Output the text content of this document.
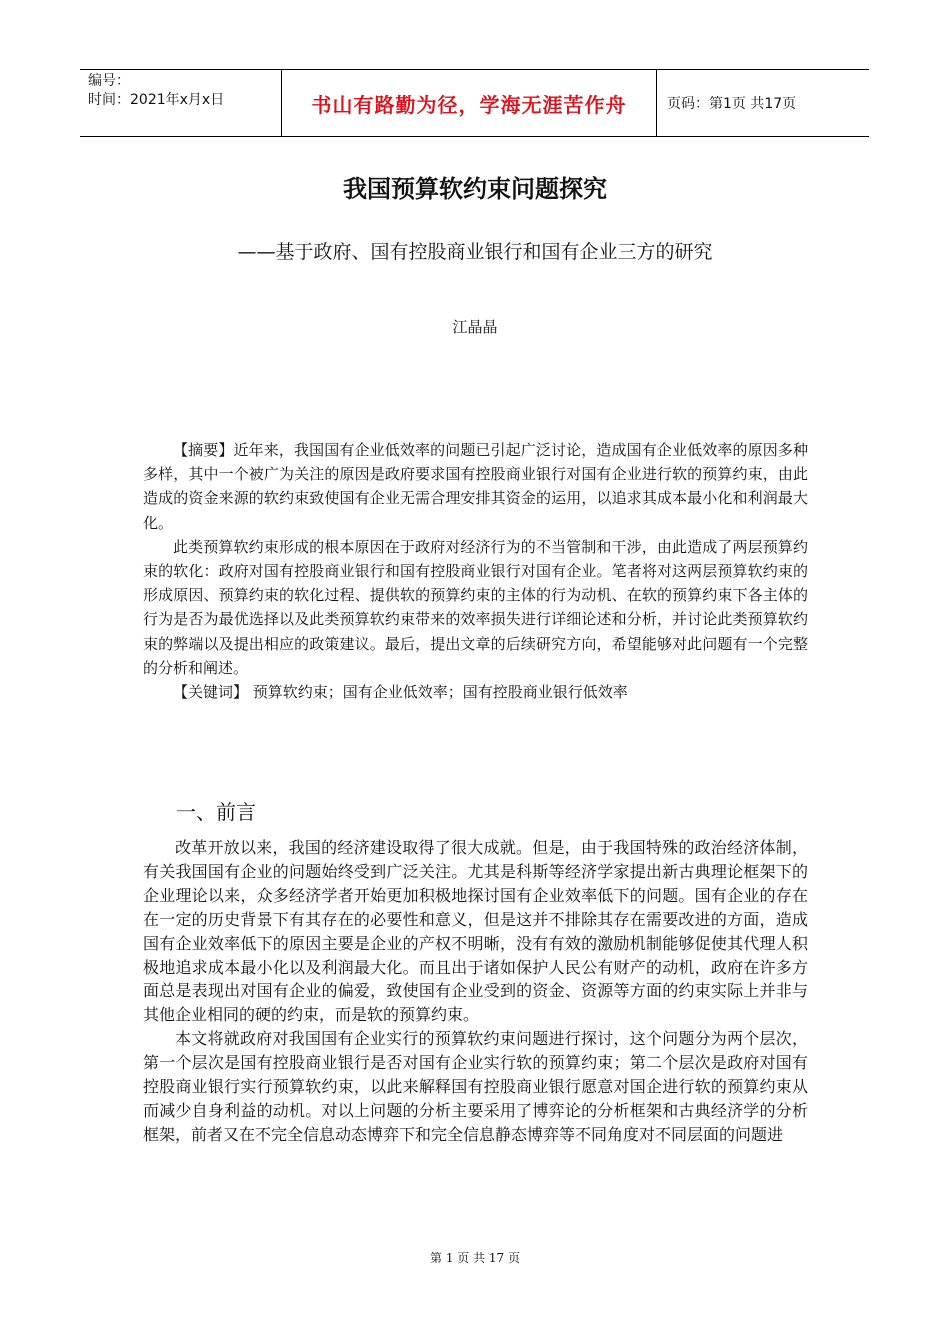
编号：
时间：2021年x月x日	书山有路勤为径，学海无涯苦作舟	页码：第1页 共17页
我国预算软约束问题探究
——基于政府、国有控股商业银行和国有企业三方的研究
江晶晶

【摘要】近年来，我国国有企业低效率的问题已引起广泛讨论，造成国有企业低效率的原因多种多样，其中一个被广为关注的原因是政府要求国有控股商业银行对国有企业进行软的预算约束，由此造成的资金来源的软约束致使国有企业无需合理安排其资金的运用，以追求其成本最小化和利润最大化。

此类预算软约束形成的根本原因在于政府对经济行为的不当管制和干涉，由此造成了两层预算约束的软化：政府对国有控股商业银行和国有控股商业银行对国有企业。笔者将对这两层预算软约束的形成原因、预算约束的软化过程、提供软的预算约束的主体的行为动机、在软的预算约束下各主体的行为是否为最优选择以及此类预算软约束带来的效率损失进行详细论述和分析，并讨论此类预算软约束的弊端以及提出相应的政策建议。最后，提出文章的后续研究方向，希望能够对此问题有一个完整的分析和阐述。

【关键词】 预算软约束；国有企业低效率；国有控股商业银行低效率

一、前言

改革开放以来，我国的经济建设取得了很大成就。但是，由于我国特殊的政治经济体制，有关我国国有企业的问题始终受到广泛关注。尤其是科斯等经济学家提出新古典理论框架下的企业理论以来，众多经济学者开始更加积极地探讨国有企业效率低下的问题。国有企业的存在在一定的历史背景下有其存在的必要性和意义，但是这并不排除其存在需要改进的方面，造成国有企业效率低下的原因主要是企业的产权不明晰，没有有效的激励机制能够促使其代理人积极地追求成本最小化以及利润最大化。而且出于诸如保护人民公有财产的动机，政府在许多方面总是表现出对国有企业的偏爱，致使国有企业受到的资金、资源等方面的约束实际上并非与其他企业相同的硬的约束，而是软的预算约束。

本文将就政府对我国国有企业实行的预算软约束问题进行探讨，这个问题分为两个层次，第一个层次是国有控股商业银行是否对国有企业实行软的预算约束；第二个层次是政府对国有控股商业银行实行预算软约束，以此来解释国有控股商业银行愿意对国企进行软的预算约束从而减少自身利益的动机。对以上问题的分析主要采用了博弈论的分析框架和古典经济学的分析框架，前者又在不完全信息动态博弈下和完全信息静态博弈等不同角度对不同层面的问题进

第 1 页 共 17 页
